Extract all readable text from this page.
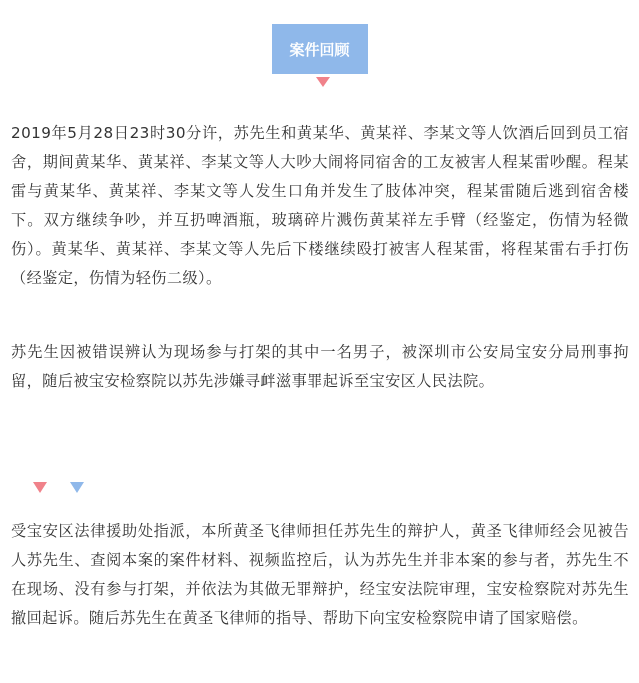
案件回顾

2019年5月28日23时30分许，苏先生和黄某华、黄某祥、李某文等人饮酒后回到员工宿舍，期间黄某华、黄某祥、李某文等人大吵大闹将同宿舍的工友被害人程某雷吵醒。程某雷与黄某华、黄某祥、李某文等人发生口角并发生了肢体冲突，程某雷随后逃到宿舍楼下。双方继续争吵，并互扔啤酒瓶，玻璃碎片溅伤黄某祥左手臂（经鉴定，伤情为轻微伤）。黄某华、黄某祥、李某文等人先后下楼继续殴打被害人程某雷，将程某雷右手打伤（经鉴定，伤情为轻伤二级）。

苏先生因被错误辨认为现场参与打架的其中一名男子，被深圳市公安局宝安分局刑事拘留，随后被宝安检察院以苏先涉嫌寻衅滋事罪起诉至宝安区人民法院。

受宝安区法律援助处指派，本所黄圣飞律师担任苏先生的辩护人，黄圣飞律师经会见被告人苏先生、查阅本案的案件材料、视频监控后，认为苏先生并非本案的参与者，苏先生不在现场、没有参与打架，并依法为其做无罪辩护，经宝安法院审理，宝安检察院对苏先生撤回起诉。随后苏先生在黄圣飞律师的指导、帮助下向宝安检察院申请了国家赔偿。
